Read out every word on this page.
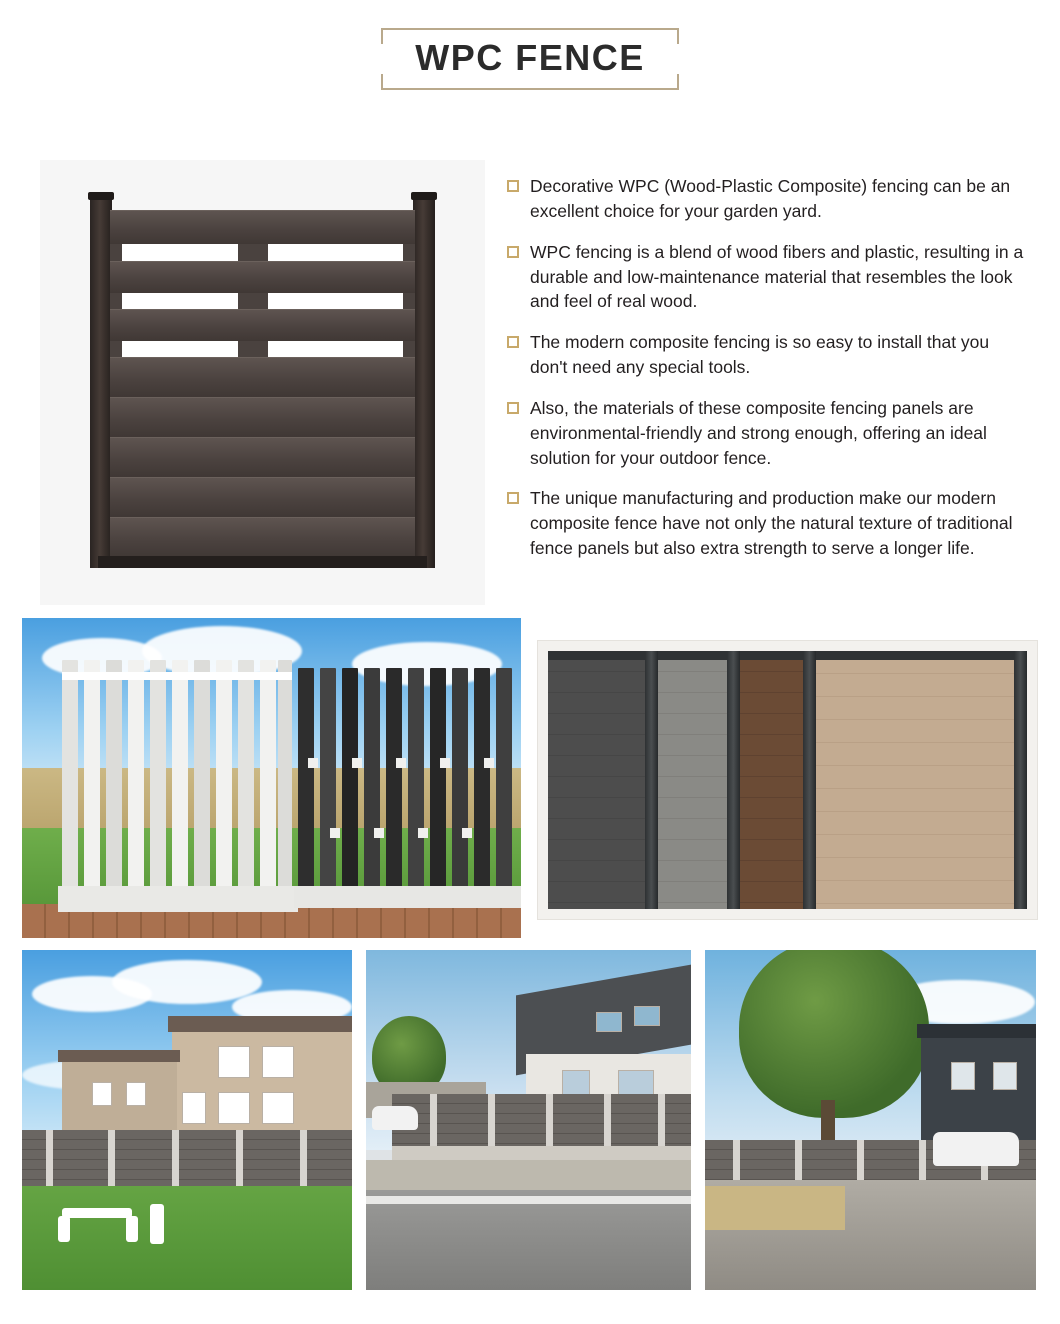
WPC FENCE
Decorative WPC (Wood-Plastic Composite) fencing can be an excellent choice for your garden yard.
WPC fencing is a blend of wood fibers and plastic, resulting in a durable and low-maintenance material that resembles the look and feel of real wood.
The modern composite fencing is so easy to install that you don't need any special tools.
Also, the materials of these composite fencing panels are environmental-friendly and strong enough, offering an ideal solution for your outdoor fence.
The unique manufacturing and production make our modern composite fence have not only the natural texture of traditional fence panels but also extra strength to serve a longer life.
